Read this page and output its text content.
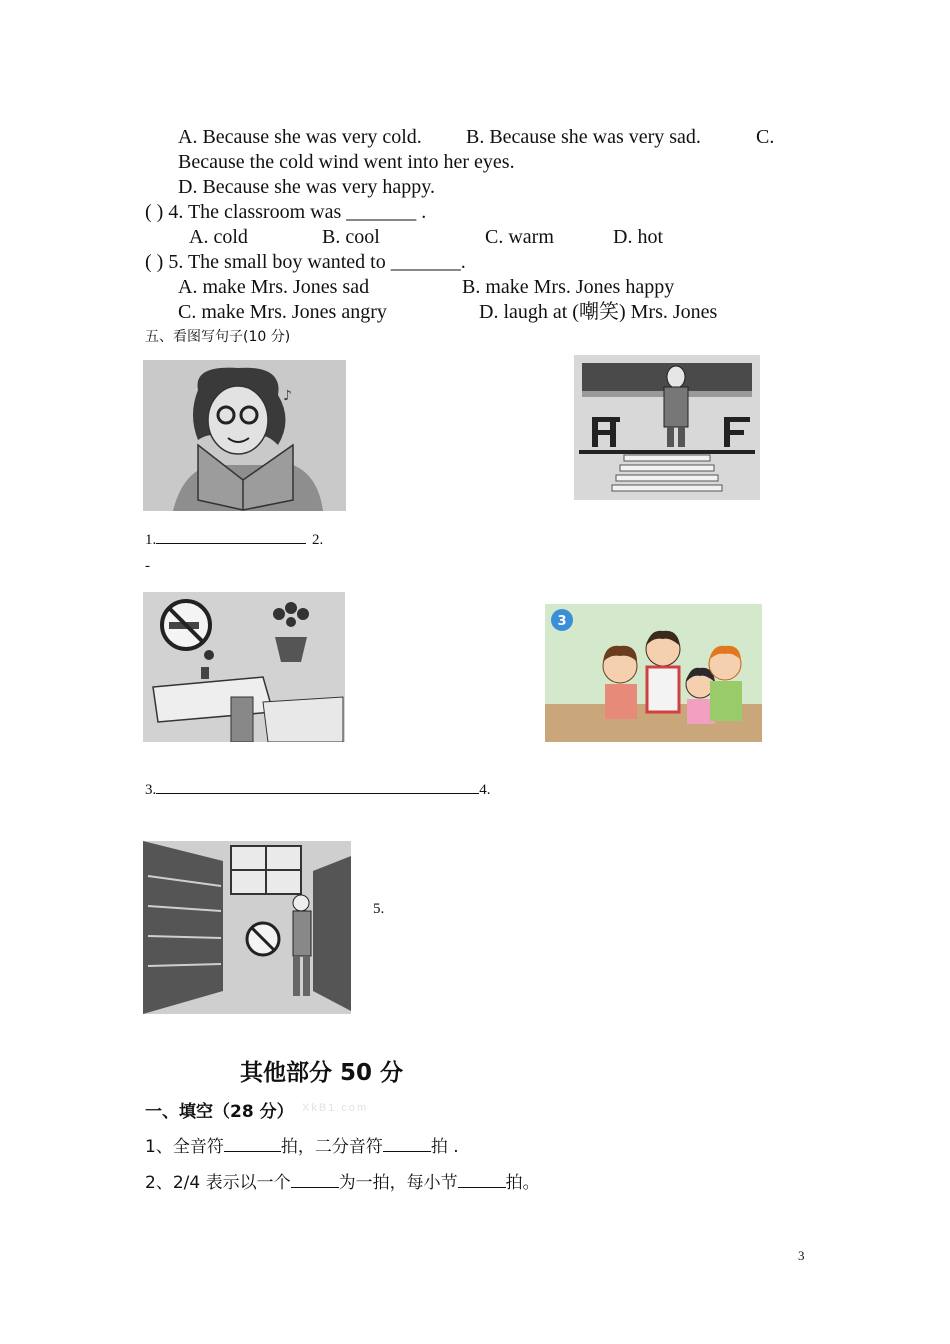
A. Because she was very cold. B. Because she was very sad.	C.
Because the cold wind went into her eyes.
D. Because she was very happy.
( ) 4. The classroom was _______ .
A. cold	B. cool	C. warm	D. hot
( ) 5. The small boy wanted to _______.
A. make Mrs. Jones sad	B. make Mrs. Jones happy
C. make Mrs. Jones angry	D. laugh at (嘲笑) Mrs. Jones
五、看图写句子(10 分)
♪
1.	2.
-
3
3.	4.
5.
其他部分 50 分
一、填空（28 分） XkB1.com
1、全音符	拍，二分音符	拍 .
2、2/4 表示以一个	为一拍，每小节	拍。
3
